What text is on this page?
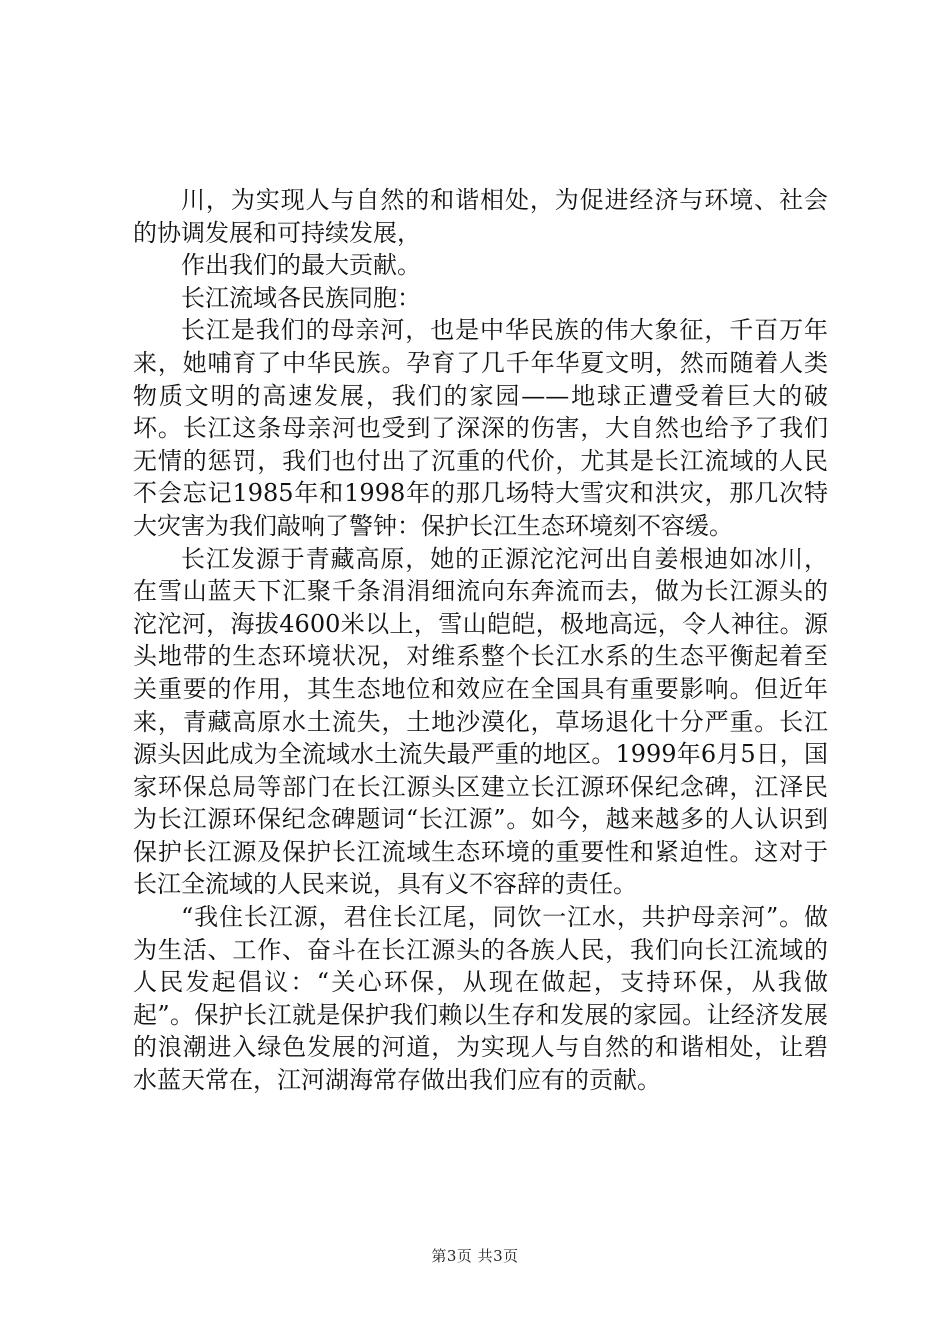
川，为实现人与自然的和谐相处，为促进经济与环境、社会的协调发展和可持续发展，

作出我们的最大贡献。

长江流域各民族同胞：

长江是我们的母亲河，也是中华民族的伟大象征，千百万年来，她哺育了中华民族。孕育了几千年华夏文明，然而随着人类物质文明的高速发展，我们的家园——地球正遭受着巨大的破坏。长江这条母亲河也受到了深深的伤害，大自然也给予了我们无情的惩罚，我们也付出了沉重的代价，尤其是长江流域的人民不会忘记1985年和1998年的那几场特大雪灾和洪灾，那几次特大灾害为我们敲响了警钟：保护长江生态环境刻不容缓。

长江发源于青藏高原，她的正源沱沱河出自姜根迪如冰川，在雪山蓝天下汇聚千条涓涓细流向东奔流而去，做为长江源头的沱沱河，海拔4600米以上，雪山皑皑，极地高远，令人神往。源头地带的生态环境状况，对维系整个长江水系的生态平衡起着至关重要的作用，其生态地位和效应在全国具有重要影响。但近年来，青藏高原水土流失，土地沙漠化，草场退化十分严重。长江源头因此成为全流域水土流失最严重的地区。1999年6月5日，国家环保总局等部门在长江源头区建立长江源环保纪念碑，江泽民为长江源环保纪念碑题词“长江源”。如今，越来越多的人认识到保护长江源及保护长江流域生态环境的重要性和紧迫性。这对于长江全流域的人民来说，具有义不容辞的责任。

“我住长江源，君住长江尾，同饮一江水，共护母亲河”。做为生活、工作、奋斗在长江源头的各族人民，我们向长江流域的人民发起倡议：“关心环保，从现在做起，支持环保，从我做起”。保护长江就是保护我们赖以生存和发展的家园。让经济发展的浪潮进入绿色发展的河道，为实现人与自然的和谐相处，让碧水蓝天常在，江河湖海常存做出我们应有的贡献。

第3页 共3页
